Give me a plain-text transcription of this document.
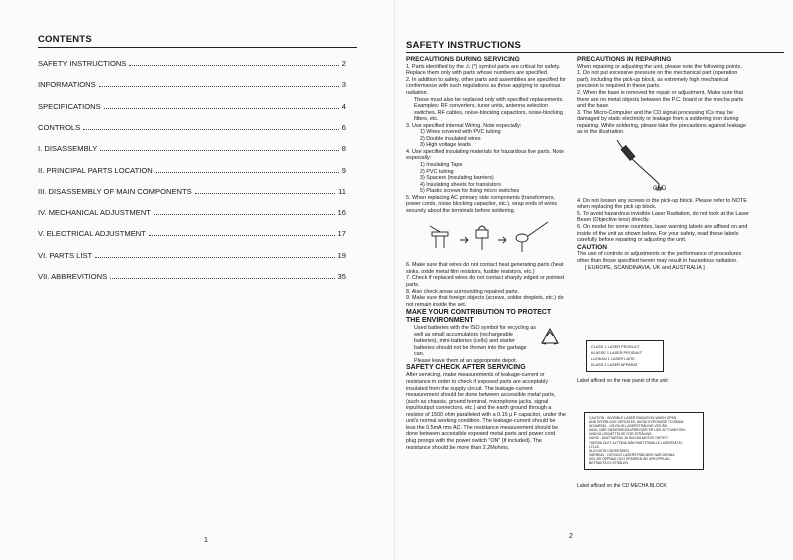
CONTENTS
SAFETY INSTRUCTIONS	2
INFORMATIONS	3
SPECIFICATIONS	4
CONTROLS	6
I. DISASSEMBLY	8
II. PRINCIPAL PARTS LOCATION	9
III. DISASSEMBLY OF MAIN COMPONENTS	11
IV. MECHANICAL ADJUSTMENT	16
V. ELECTRICAL ADJUSTMENT	17
VI. PARTS LIST	19
VII. ABBREVITIONS	35
1
SAFETY INSTRUCTIONS
PRECAUTIONS DURING SERVICING
1. Parts identified by the ⚠ (*) symbol parts are critical for safety. Replace them only with parts whose numbers are specified.
2. In addition to safety, other parts and assemblies are specified for conformance with such regulations as those applying to spurious radiation.
These must also be replaced only with specified replacements.
Examples: RF converters, tuner units, antenna selection switches, RF cables, noise-blocking capacitors, noise-blocking filters, etc.
3. Use specified internal Wiring. Note especially:
1) Wires covered with PVC tubing
2) Double insulated wires
3) High voltage leads
4. Use specified insulating materials for hazardous live parts. Note especially:
1) Insulating Tape
2) PVC tubing
3) Spacers (insulating barriers)
4) Insulating sheets for transistors
5) Plastic screws for fixing micro switches
5. When replacing AC primary side components (transformers, power cords, noise blocking capacitor, etc.), wrap ends of wires securely about the terminals before soldering.
6. Make sure that wires do not contact heat generating parts (heat sinks, oxide metal film resistors, fusible resistors, etc.)
7. Check if replaced wires do not contact sharply edged or pointed parts.
8. Also check areas surrounding repaired parts.
9. Make sure that foreign objects (screws, solder droplets, etc.) do not remain inside the set.
MAKE YOUR CONTRIBUTION TO PROTECT THE ENVIRONMENT
Used batteries with the ISO symbol for recycling as well as small accumulators (rechargeable batteries), mini-batteries (cells) and starter batteries should not be thrown into the garbage can.
Please leave them at an appropriate depot.
SAFETY CHECK AFTER SERVICING
After servicing, make measurements of leakage-current or resistance in order to check if exposed parts are acceptably insulated from the supply circuit. The leakage-current measurement should be done between accessible metal parts, (such as chassis, ground terminal, microphone jacks, signal input/output connectors, etc.) and the earth ground through a resistor of 1500 ohm paralleled with a 0.15 µ F capacitor, under the unit's normal working condition. The leakage-current should be less the 0.5mA rms AC. The resistance measurement should be done between accessible exposed metal parts and power cord plug prongs with the power switch "ON" (if included). The resistance should be more than 2.2Mohms.
PRECAUTIONS IN REPAIRING
When repairing or adjusting the unit, please note the following points.
1. Do not put excessive pressure on the mechanical part (operation part), including the pick-up block, as extremely high mechanical precision is required in these parts.
2. When the base is removed for repair or adjustment, Make sure that there are no metal objects between the P.C. board or the mecha parts and the base.
3. The Micro-Computer and the CD signal processing ICs may be damaged by static electricity or leakage from a soldering iron during repairing. While soldering, please take the precautions against leakage as in the illustration.
GND
4. Do not loosen any screws in the pick-up block. Please refer to NOTE when replacing the pick up block.
5. To avoid hazardous invisible Laser Radiation, do not look at the Laser Beam (Objective lens) directly.
6. On model for some countries, laser warning labels are affixed on and inside of the unit as shown below. For your safety, read these labels carefully before repairing or adjusting the unit.
CAUTION
The use of controls or adjustments or the performance of procedures other than those specified herein may result in hazardous radiation.
[ EUROPE, SCANDINAVIA, UK and AUSTRALIA ]
CLASS 1 LASER PRODUCT
KLASSE 1 LASER PRODUKT
LUOKAN 1 LASER LAITE
KLASS 1 LASER APPARAT
Label affixed on the rear panel of the unit
CAUTION : INVISIBLE LASER RADIATION WHEN OPEN
AND INTERLOCK DEFEATED. AVOID EXPOSURE TO BEAM.
ADVARSEL : USYNLIG LASERSTRÅLING VED ÅB-
NING, NÅR SIKKERHEDSAFBRYDER ER UDE AF FUNKTION.
UNDGÅ UDSÆTTELSE FOR STRÅLING.
VARO! : AVATTAESSA JA SUOJALUKITUS OHITET-
TAESSA OLET ALTTIINA NÄKYMÄTTÖMÄLLE LASERSÄTEI-
LYLLE.
ÄLÄ KATSO SÄTEESEEN.
VARNING : OSYNLIG LASERSTRÅLNING NÄR DENNA
DEL ÄR ÖPPNAD OCH SPÄRREN ÄR URKOPPLAD.
BETRAKTA EJ STRÅLEN
Label affixed on the CD MECHA BLOCK
2
